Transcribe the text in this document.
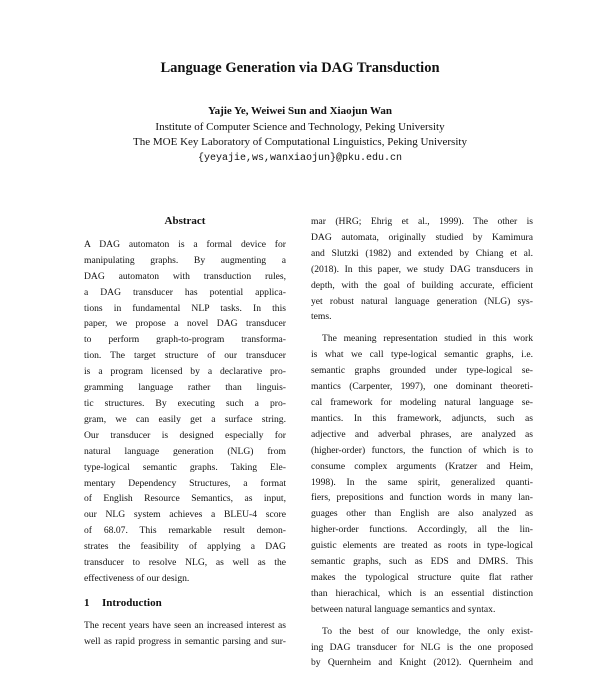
Language Generation via DAG Transduction
Yajie Ye, Weiwei Sun and Xiaojun Wan
Institute of Computer Science and Technology, Peking University
The MOE Key Laboratory of Computational Linguistics, Peking University
{yeyajie,ws,wanxiaojun}@pku.edu.cn
Abstract
A DAG automaton is a formal device for
manipulating graphs. By augmenting a
DAG automaton with transduction rules,
a DAG transducer has potential applica-
tions in fundamental NLP tasks. In this
paper, we propose a novel DAG transducer
to perform graph-to-program transforma-
tion. The target structure of our transducer
is a program licensed by a declarative pro-
gramming language rather than linguis-
tic structures. By executing such a pro-
gram, we can easily get a surface string.
Our transducer is designed especially for
natural language generation (NLG) from
type-logical semantic graphs. Taking Ele-
mentary Dependency Structures, a format
of English Resource Semantics, as input,
our NLG system achieves a BLEU-4 score
of 68.07. This remarkable result demon-
strates the feasibility of applying a DAG
transducer to resolve NLG, as well as the
effectiveness of our design.
1 Introduction
The recent years have seen an increased interest as
well as rapid progress in semantic parsing and sur-
mar (HRG; Ehrig et al., 1999). The other is
DAG automata, originally studied by Kamimura
and Slutzki (1982) and extended by Chiang et al.
(2018). In this paper, we study DAG transducers in
depth, with the goal of building accurate, efficient
yet robust natural language generation (NLG) sys-
tems.
The meaning representation studied in this work
is what we call type-logical semantic graphs, i.e.
semantic graphs grounded under type-logical se-
mantics (Carpenter, 1997), one dominant theoreti-
cal framework for modeling natural language se-
mantics. In this framework, adjuncts, such as
adjective and adverbal phrases, are analyzed as
(higher-order) functors, the function of which is to
consume complex arguments (Kratzer and Heim,
1998). In the same spirit, generalized quanti-
fiers, prepositions and function words in many lan-
guages other than English are also analyzed as
higher-order functions. Accordingly, all the lin-
guistic elements are treated as roots in type-logical
semantic graphs, such as EDS and DMRS. This
makes the typological structure quite flat rather
than hierachical, which is an essential distinction
between natural language semantics and syntax.
To the best of our knowledge, the only exist-
ing DAG transducer for NLG is the one proposed
by Quernheim and Knight (2012). Quernheim and
